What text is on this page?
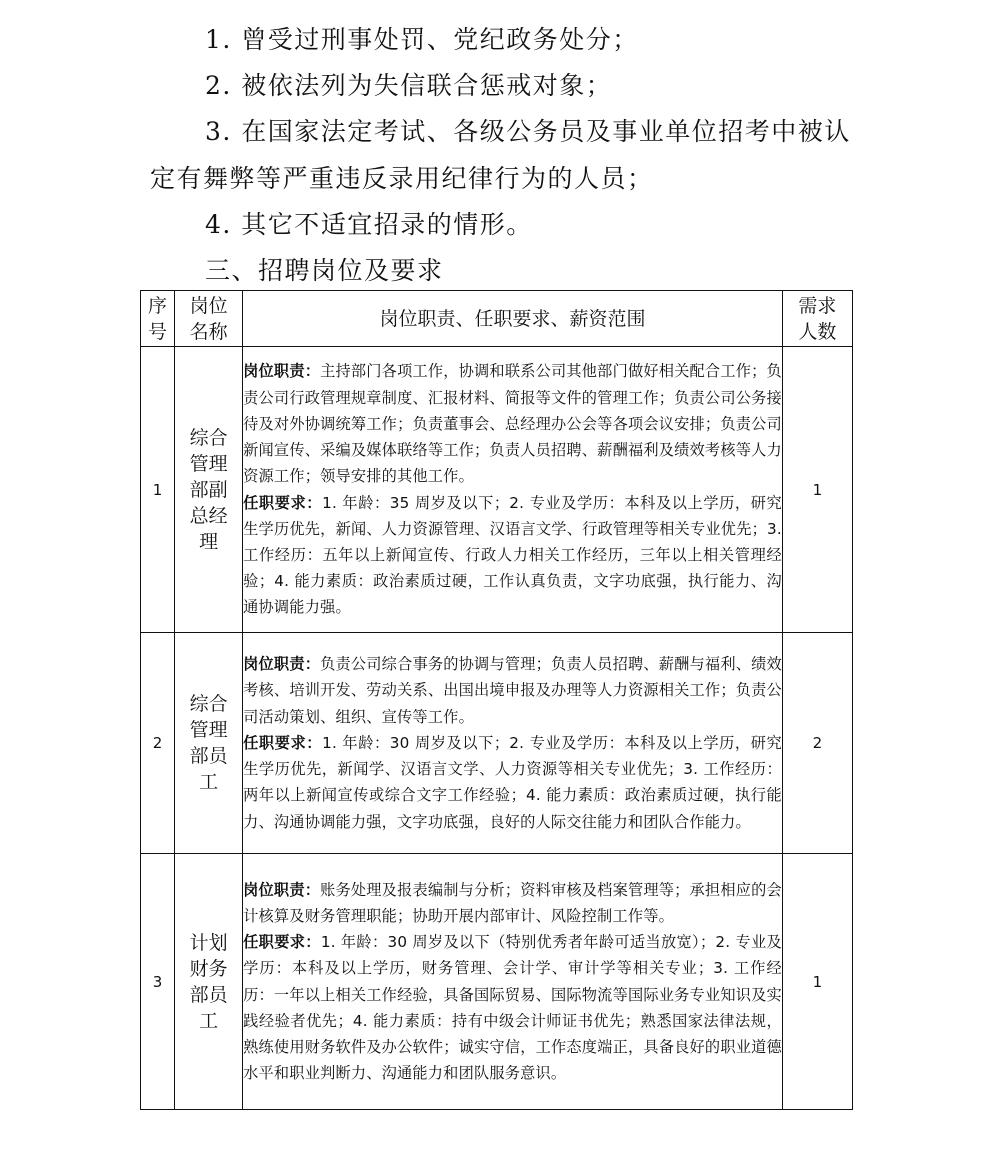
1. 曾受过刑事处罚、党纪政务处分；
2. 被依法列为失信联合惩戒对象；
3. 在国家法定考试、各级公务员及事业单位招考中被认
定有舞弊等严重违反录用纪律行为的人员；
4. 其它不适宜招录的情形。
三、招聘岗位及要求
序号	岗位名称	岗位职责、任职要求、薪资范围	需求人数

1	综合管理部副总经理	岗位职责：主持部门各项工作，协调和联系公司其他部门做好相关配合工作；负责公司行政管理规章制度、汇报材料、简报等文件的管理工作；负责公司公务接待及对外协调统筹工作；负责董事会、总经理办公会等各项会议安排；负责公司新闻宣传、采编及媒体联络等工作；负责人员招聘、薪酬福利及绩效考核等人力资源工作；领导安排的其他工作。
任职要求：1. 年龄：35 周岁及以下；2. 专业及学历：本科及以上学历，研究生学历优先，新闻、人力资源管理、汉语言文学、行政管理等相关专业优先；3. 工作经历：五年以上新闻宣传、行政人力相关工作经历，三年以上相关管理经验；4. 能力素质：政治素质过硬，工作认真负责，文字功底强，执行能力、沟通协调能力强。	1
2	综合管理部员工	岗位职责：负责公司综合事务的协调与管理；负责人员招聘、薪酬与福利、绩效考核、培训开发、劳动关系、出国出境申报及办理等人力资源相关工作；负责公司活动策划、组织、宣传等工作。
任职要求：1. 年龄：30 周岁及以下；2. 专业及学历：本科及以上学历，研究生学历优先，新闻学、汉语言文学、人力资源等相关专业优先；3. 工作经历：两年以上新闻宣传或综合文字工作经验；4. 能力素质：政治素质过硬，执行能力、沟通协调能力强，文字功底强，良好的人际交往能力和团队合作能力。	2
3	计划财务部员工	岗位职责：账务处理及报表编制与分析；资料审核及档案管理等；承担相应的会计核算及财务管理职能；协助开展内部审计、风险控制工作等。
任职要求：1. 年龄：30 周岁及以下（特别优秀者年龄可适当放宽）；2. 专业及学历：本科及以上学历，财务管理、会计学、审计学等相关专业；3. 工作经历：一年以上相关工作经验，具备国际贸易、国际物流等国际业务专业知识及实践经验者优先；4. 能力素质：持有中级会计师证书优先；熟悉国家法律法规，熟练使用财务软件及办公软件；诚实守信，工作态度端正，具备良好的职业道德水平和职业判断力、沟通能力和团队服务意识。	1
